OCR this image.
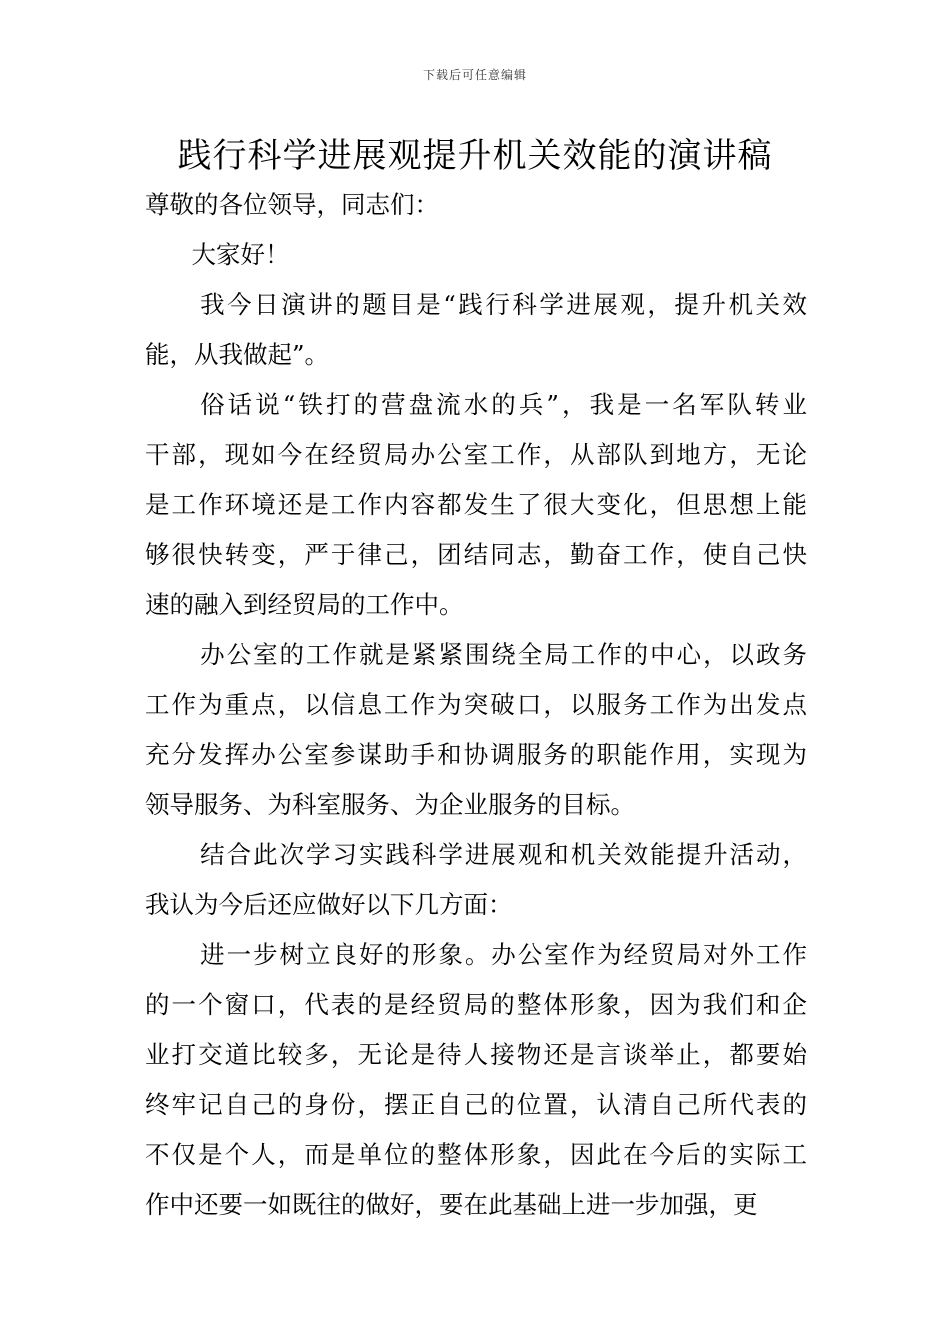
下载后可任意编辑
践行科学进展观提升机关效能的演讲稿

尊敬的各位领导，同志们：

大家好！

我今日演讲的题目是“践行科学进展观，提升机关效
能，从我做起”。
俗话说“铁打的营盘流水的兵”，我是一名军队转业
干部，现如今在经贸局办公室工作，从部队到地方，无论
是工作环境还是工作内容都发生了很大变化，但思想上能
够很快转变，严于律己，团结同志，勤奋工作，使自己快
速的融入到经贸局的工作中。
办公室的工作就是紧紧围绕全局工作的中心，以政务
工作为重点，以信息工作为突破口，以服务工作为出发点
充分发挥办公室参谋助手和协调服务的职能作用，实现为
领导服务、为科室服务、为企业服务的目标。
结合此次学习实践科学进展观和机关效能提升活动，
我认为今后还应做好以下几方面：
进一步树立良好的形象。办公室作为经贸局对外工作
的一个窗口，代表的是经贸局的整体形象，因为我们和企
业打交道比较多，无论是待人接物还是言谈举止，都要始
终牢记自己的身份，摆正自己的位置，认清自己所代表的
不仅是个人，而是单位的整体形象，因此在今后的实际工
作中还要一如既往的做好，要在此基础上进一步加强，更
